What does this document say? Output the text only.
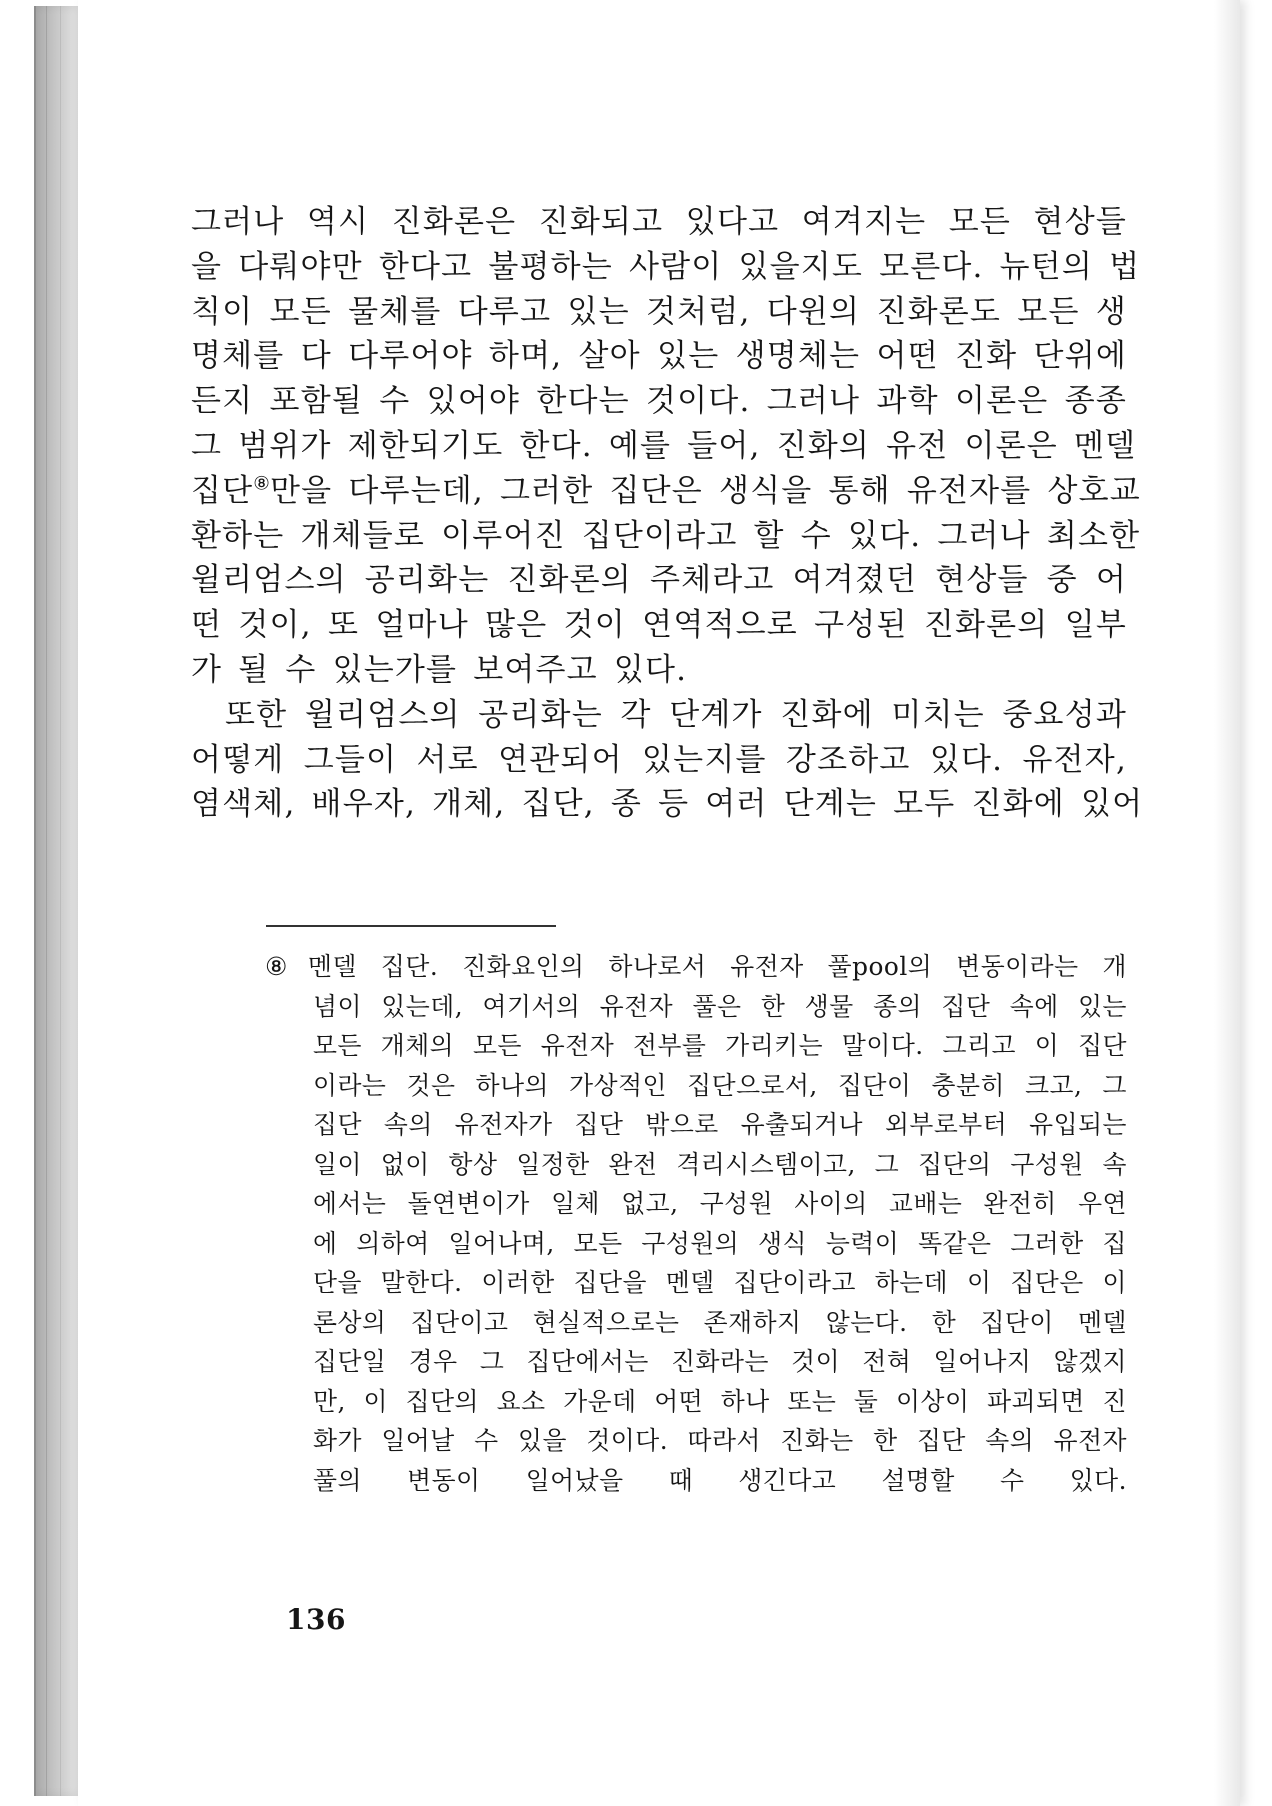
그러나 역시 진화론은 진화되고 있다고 여겨지는 모든 현상들
을 다뤄야만 한다고 불평하는 사람이 있을지도 모른다. 뉴턴의 법
칙이 모든 물체를 다루고 있는 것처럼, 다윈의 진화론도 모든 생
명체를 다 다루어야 하며, 살아 있는 생명체는 어떤 진화 단위에
든지 포함될 수 있어야 한다는 것이다. 그러나 과학 이론은 종종
그 범위가 제한되기도 한다. 예를 들어, 진화의 유전 이론은 멘델
집단⑧만을 다루는데, 그러한 집단은 생식을 통해 유전자를 상호교
환하는 개체들로 이루어진 집단이라고 할 수 있다. 그러나 최소한
윌리엄스의 공리화는 진화론의 주체라고 여겨졌던 현상들 중 어
떤 것이, 또 얼마나 많은 것이 연역적으로 구성된 진화론의 일부
가 될 수 있는가를 보여주고 있다.
또한 윌리엄스의 공리화는 각 단계가 진화에 미치는 중요성과
어떻게 그들이 서로 연관되어 있는지를 강조하고 있다. 유전자,
염색체, 배우자, 개체, 집단, 종 등 여러 단계는 모두 진화에 있어
⑧ 멘델 집단. 진화요인의 하나로서 유전자 풀pool의 변동이라는 개
념이 있는데, 여기서의 유전자 풀은 한 생물 종의 집단 속에 있는
모든 개체의 모든 유전자 전부를 가리키는 말이다. 그리고 이 집단
이라는 것은 하나의 가상적인 집단으로서, 집단이 충분히 크고, 그
집단 속의 유전자가 집단 밖으로 유출되거나 외부로부터 유입되는
일이 없이 항상 일정한 완전 격리시스템이고, 그 집단의 구성원 속
에서는 돌연변이가 일체 없고, 구성원 사이의 교배는 완전히 우연
에 의하여 일어나며, 모든 구성원의 생식 능력이 똑같은 그러한 집
단을 말한다. 이러한 집단을 멘델 집단이라고 하는데 이 집단은 이
론상의 집단이고 현실적으로는 존재하지 않는다. 한 집단이 멘델
집단일 경우 그 집단에서는 진화라는 것이 전혀 일어나지 않겠지
만, 이 집단의 요소 가운데 어떤 하나 또는 둘 이상이 파괴되면 진
화가 일어날 수 있을 것이다. 따라서 진화는 한 집단 속의 유전자
풀의 변동이 일어났을 때 생긴다고 설명할 수 있다.
136
